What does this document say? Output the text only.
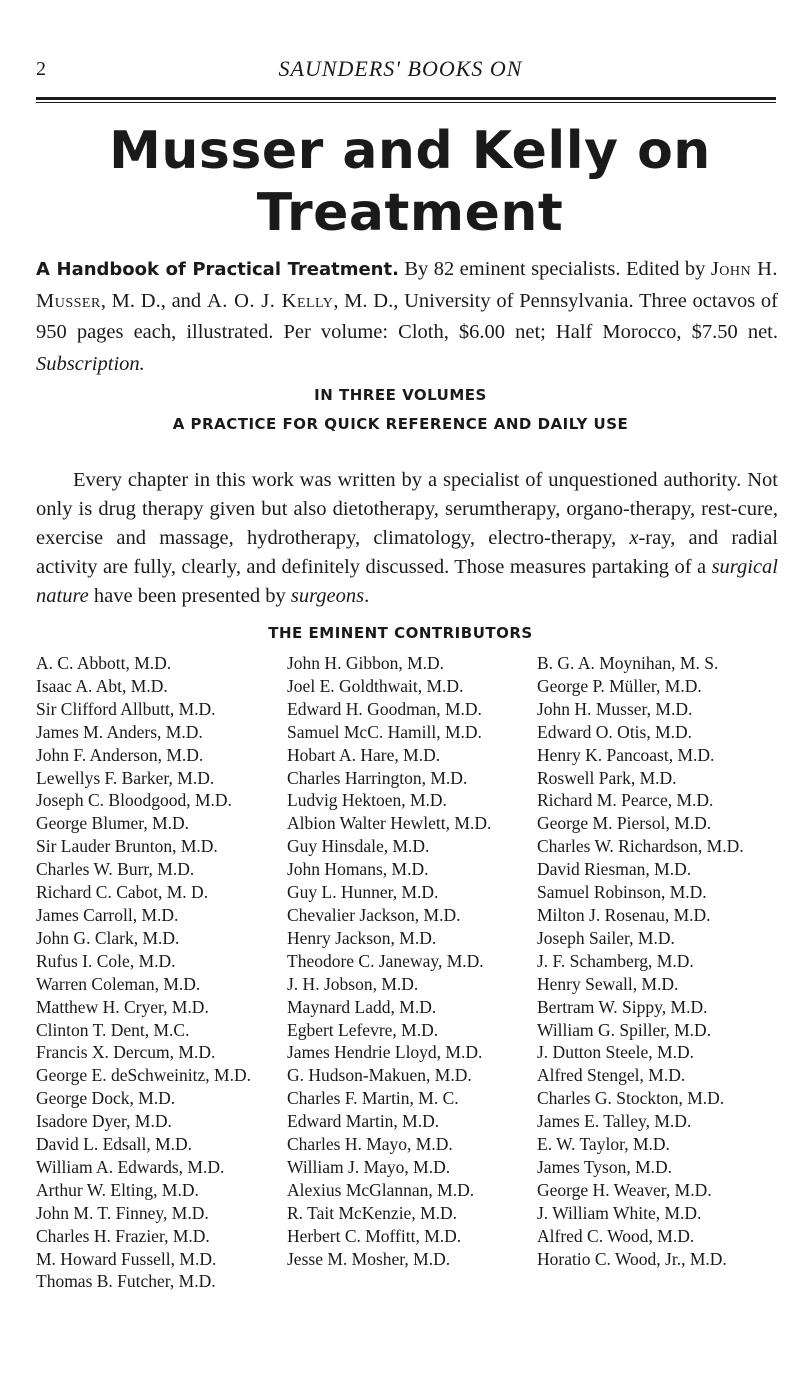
2	SAUNDERS' BOOKS ON
Musser and Kelly on
Treatment
A Handbook of Practical Treatment. By 82 eminent specialists. Edited by John H. Musser, M. D., and A. O. J. Kelly, M. D., University of Pennsylvania. Three octavos of 950 pages each, illustrated. Per volume: Cloth, $6.00 net; Half Morocco, $7.50 net. Subscription.
IN THREE VOLUMES
A PRACTICE FOR QUICK REFERENCE AND DAILY USE
Every chapter in this work was written by a specialist of unquestioned authority. Not only is drug therapy given but also dietotherapy, serumtherapy, organo-therapy, rest-cure, exercise and massage, hydrotherapy, climatology, electro-therapy, x-ray, and radial activity are fully, clearly, and definitely discussed. Those measures partaking of a surgical nature have been presented by surgeons.
THE EMINENT CONTRIBUTORS
A. C. Abbott, M.D.
Isaac A. Abt, M.D.
Sir Clifford Allbutt, M.D.
James M. Anders, M.D.
John F. Anderson, M.D.
Lewellys F. Barker, M.D.
Joseph C. Bloodgood, M.D.
George Blumer, M.D.
Sir Lauder Brunton, M.D.
Charles W. Burr, M.D.
Richard C. Cabot, M. D.
James Carroll, M.D.
John G. Clark, M.D.
Rufus I. Cole, M.D.
Warren Coleman, M.D.
Matthew H. Cryer, M.D.
Clinton T. Dent, M.C.
Francis X. Dercum, M.D.
George E. deSchweinitz, M.D.
George Dock, M.D.
Isadore Dyer, M.D.
David L. Edsall, M.D.
William A. Edwards, M.D.
Arthur W. Elting, M.D.
John M. T. Finney, M.D.
Charles H. Frazier, M.D.
M. Howard Fussell, M.D.
Thomas B. Futcher, M.D.
John H. Gibbon, M.D.
Joel E. Goldthwait, M.D.
Edward H. Goodman, M.D.
Samuel McC. Hamill, M.D.
Hobart A. Hare, M.D.
Charles Harrington, M.D.
Ludvig Hektoen, M.D.
Albion Walter Hewlett, M.D.
Guy Hinsdale, M.D.
John Homans, M.D.
Guy L. Hunner, M.D.
Chevalier Jackson, M.D.
Henry Jackson, M.D.
Theodore C. Janeway, M.D.
J. H. Jobson, M.D.
Maynard Ladd, M.D.
Egbert Lefevre, M.D.
James Hendrie Lloyd, M.D.
G. Hudson-Makuen, M.D.
Charles F. Martin, M. C.
Edward Martin, M.D.
Charles H. Mayo, M.D.
William J. Mayo, M.D.
Alexius McGlannan, M.D.
R. Tait McKenzie, M.D.
Herbert C. Moffitt, M.D.
Jesse M. Mosher, M.D.
B. G. A. Moynihan, M. S.
George P. Müller, M.D.
John H. Musser, M.D.
Edward O. Otis, M.D.
Henry K. Pancoast, M.D.
Roswell Park, M.D.
Richard M. Pearce, M.D.
George M. Piersol, M.D.
Charles W. Richardson, M.D.
David Riesman, M.D.
Samuel Robinson, M.D.
Milton J. Rosenau, M.D.
Joseph Sailer, M.D.
J. F. Schamberg, M.D.
Henry Sewall, M.D.
Bertram W. Sippy, M.D.
William G. Spiller, M.D.
J. Dutton Steele, M.D.
Alfred Stengel, M.D.
Charles G. Stockton, M.D.
James E. Talley, M.D.
E. W. Taylor, M.D.
James Tyson, M.D.
George H. Weaver, M.D.
J. William White, M.D.
Alfred C. Wood, M.D.
Horatio C. Wood, Jr., M.D.
